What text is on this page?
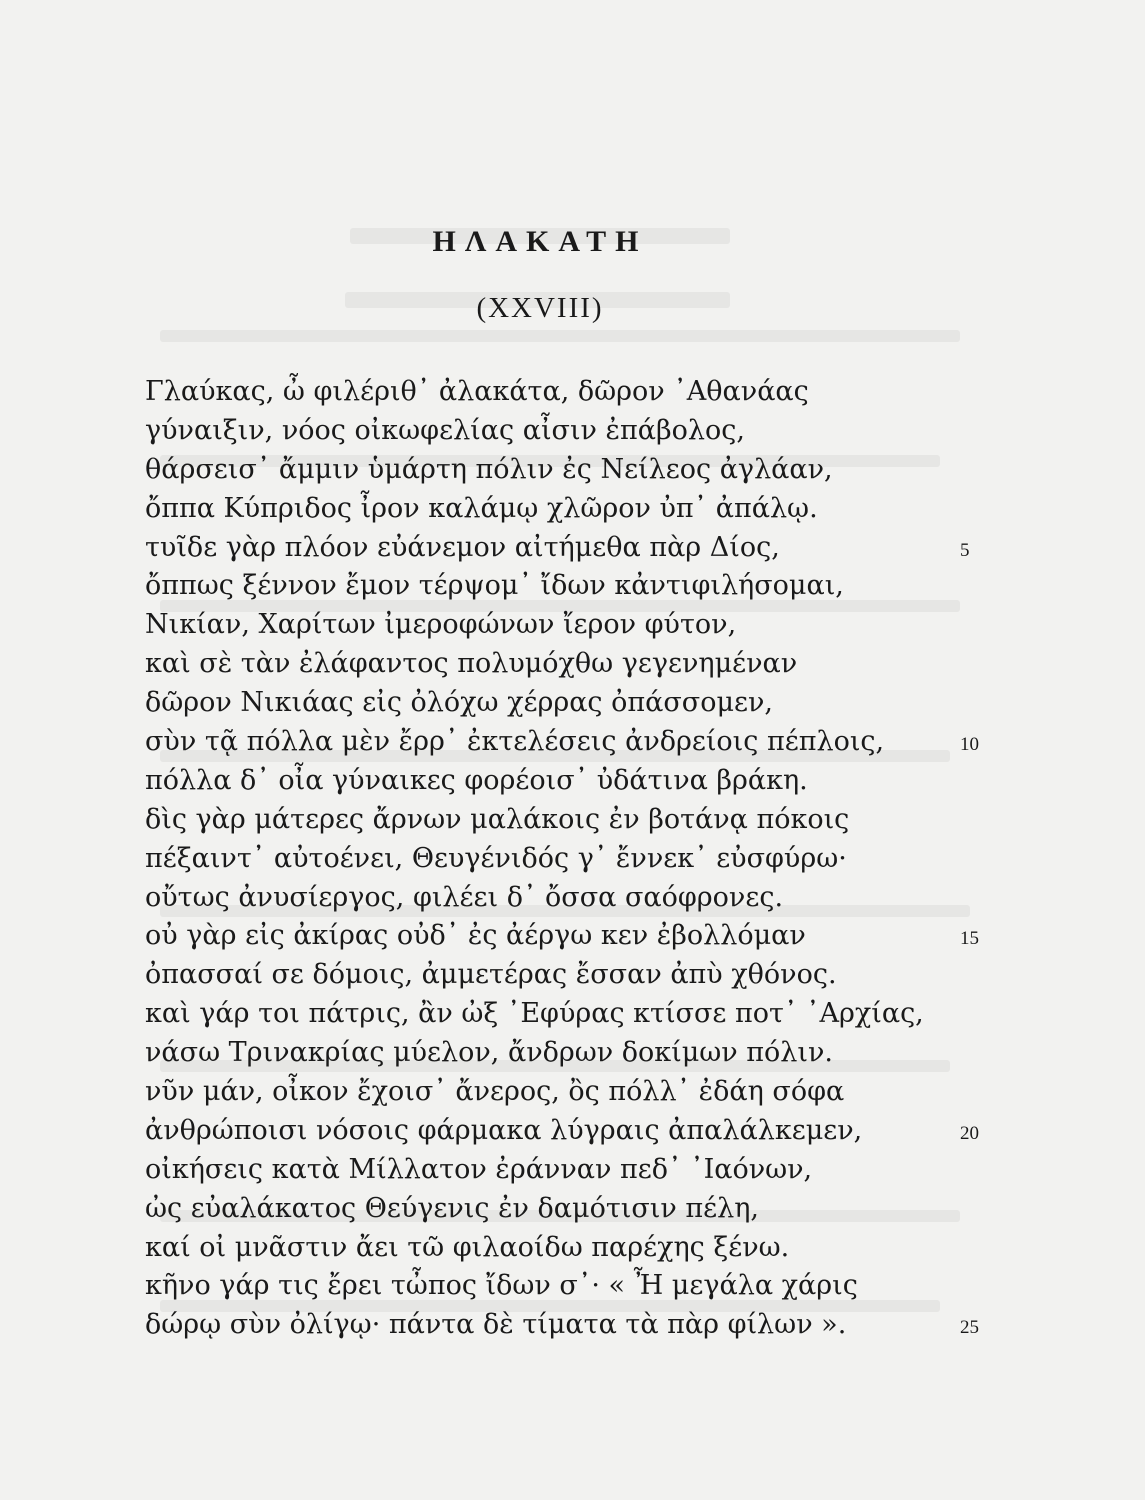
ΗΛΑΚΑΤΗ
(XXVIII)
Γλαύκας, ὦ φιλέριθ᾽ ἀλακάτα, δῶρον ᾽Αθανάας
γύναιξιν, νόος οἰκωφελίας αἶσιν ἐπάβολος,
θάρσεισ᾽ ἄμμιν ὑμάρτη πόλιν ἐς Νείλεος ἀγλάαν,
ὄππα Κύπριδος ἶρον καλάμῳ χλῶρον ὐπ᾽ ἀπάλῳ.
τυῖδε γὰρ πλόον εὐάνεμον αἰτήμεθα πὰρ Δίος,	5
ὄππως ξέννον ἔμον τέρψομ᾽ ἴδων κἀντιφιλήσομαι,
Νικίαν, Χαρίτων ἰμεροφώνων ἴερον φύτον,
καὶ σὲ τὰν ἐλάφαντος πολυμόχθω γεγενημέναν
δῶρον Νικιάας εἰς ὀλόχω χέρρας ὀπάσσομεν,
σὺν τᾷ πόλλα μὲν ἔρρ᾽ ἐκτελέσεις ἀνδρείοις πέπλοις,	10
πόλλα δ᾽ οἶα γύναικες φορέοισ᾽ ὐδάτινα βράκη.
δὶς γὰρ μάτερες ἄρνων μαλάκοις ἐν βοτάνᾳ πόκοις
πέξαιντ᾽ αὐτοένει, Θευγένιδός γ᾽ ἔννεκ᾽ εὐσφύρω·
οὔτως ἀνυσίεργος, φιλέει δ᾽ ὄσσα σαόφρονες.
οὐ γὰρ εἰς ἀκίρας οὐδ᾽ ἐς ἀέργω κεν ἐβολλόμαν	15
ὀπασσαί σε δόμοις, ἀμμετέρας ἔσσαν ἀπὺ χθόνος.
καὶ γάρ τοι πάτρις, ἂν ὠξ ᾽Εφύρας κτίσσε ποτ᾽ ᾽Αρχίας,
νάσω Τρινακρίας μύελον, ἄνδρων δοκίμων πόλιν.
νῦν μάν, οἶκον ἔχοισ᾽ ἄνερος, ὂς πόλλ᾽ ἐδάη σόφα
ἀνθρώποισι νόσοις φάρμακα λύγραις ἀπαλάλκεμεν,	20
οἰκήσεις κατὰ Μίλλατον ἐράνναν πεδ᾽ ᾽Ιαόνων,
ὠς εὐαλάκατος Θεύγενις ἐν δαμότισιν πέλη,
καί οἰ μνᾶστιν ἄει τῶ φιλαοίδω παρέχης ξένω.
κῆνο γάρ τις ἔρει τὦπος ἴδων σ᾽· « Ἦ μεγάλα χάρις
δώρῳ σὺν ὀλίγῳ· πάντα δὲ τίματα τὰ πὰρ φίλων ».	25
